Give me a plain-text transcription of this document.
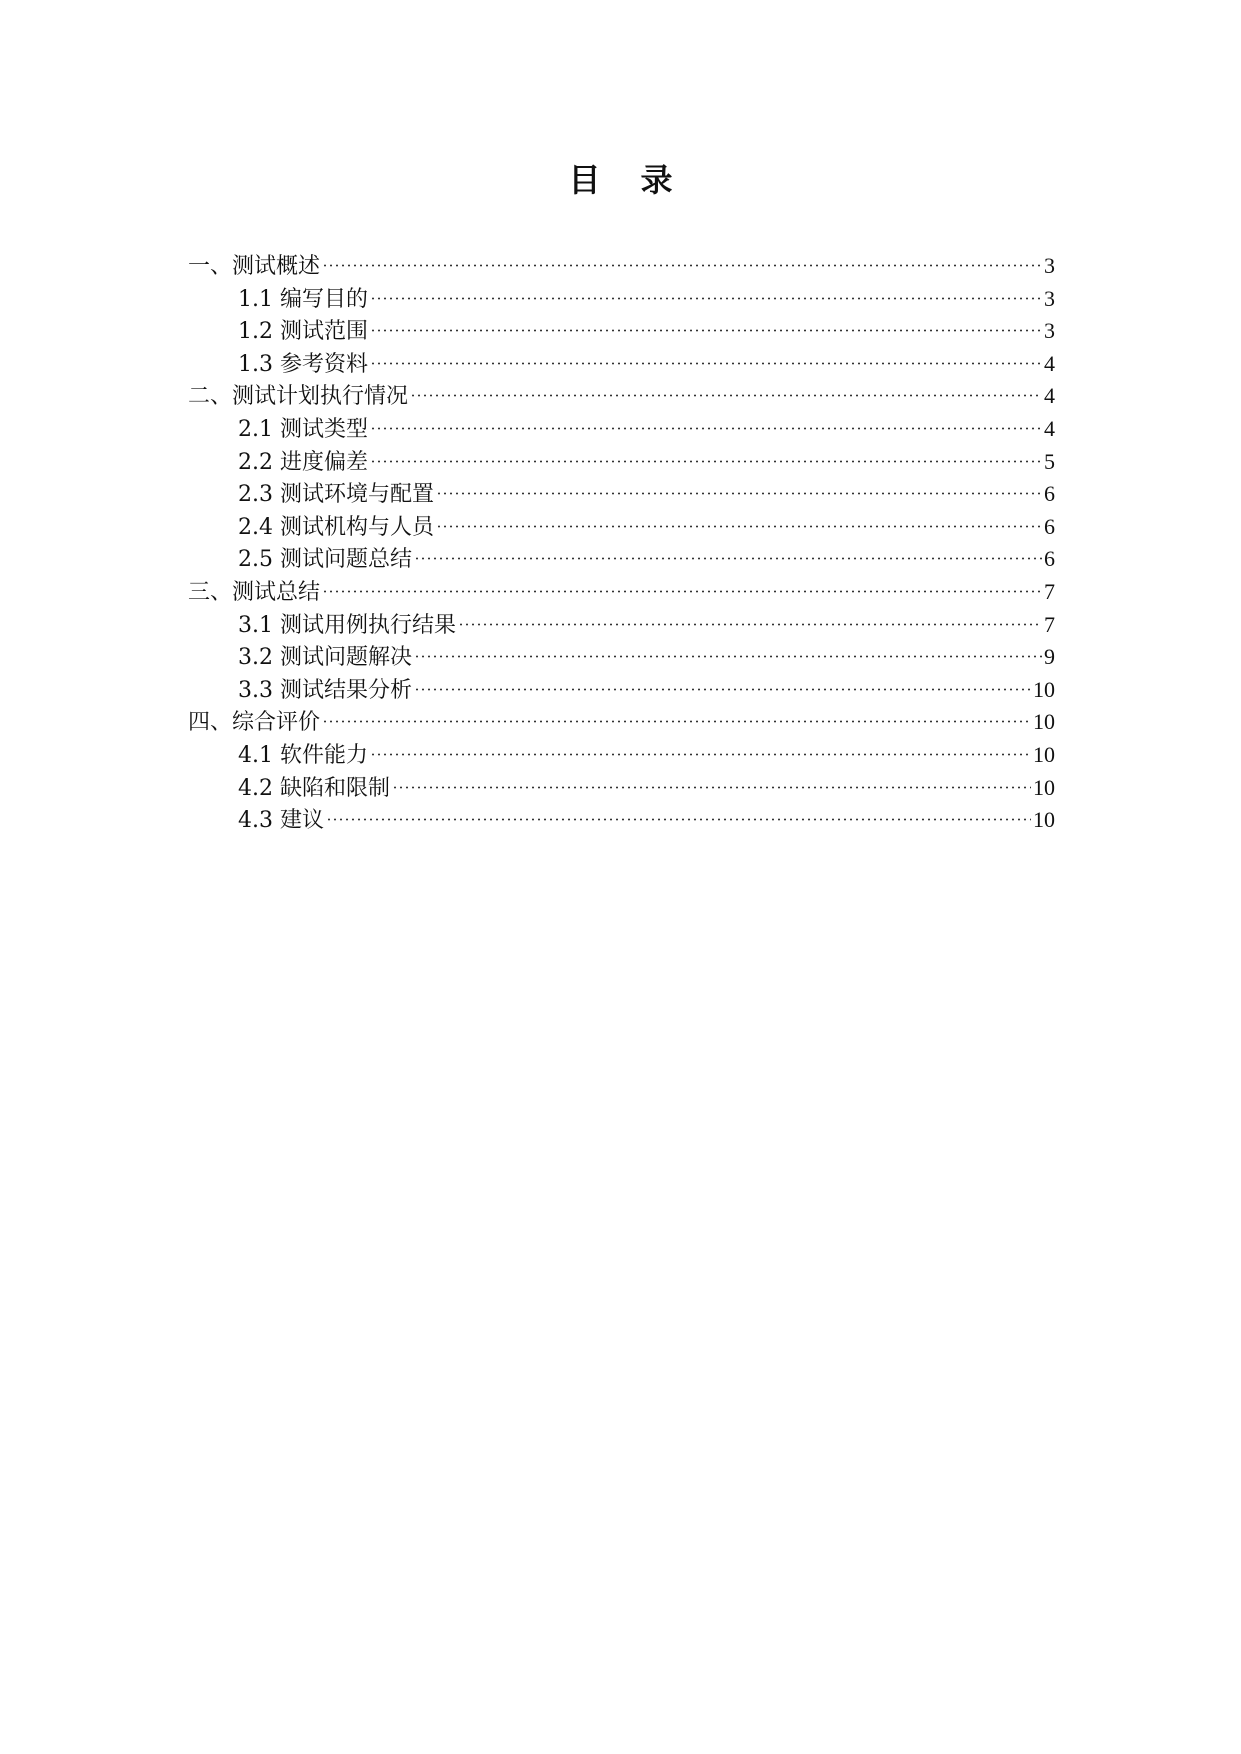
目录
一、测试概述	3
1.1 编写目的	3
1.2 测试范围	3
1.3 参考资料	4
二、测试计划执行情况	4
2.1 测试类型	4
2.2 进度偏差	5
2.3 测试环境与配置	6
2.4 测试机构与人员	6
2.5 测试问题总结	6
三、测试总结	7
3.1 测试用例执行结果	7
3.2 测试问题解决	9
3.3 测试结果分析	10
四、综合评价	10
4.1 软件能力	10
4.2 缺陷和限制	10
4.3 建议	10
